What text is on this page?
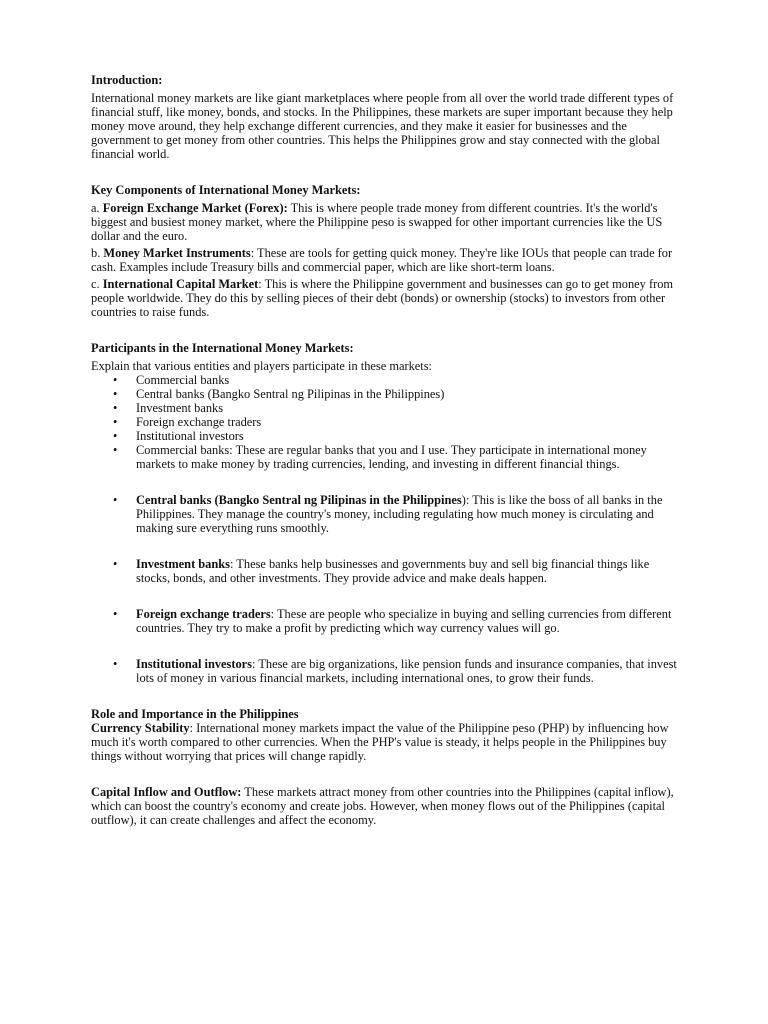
Introduction:

International money markets are like giant marketplaces where people from all over the world trade different types of financial stuff, like money, bonds, and stocks. In the Philippines, these markets are super important because they help money move around, they help exchange different currencies, and they make it easier for businesses and the government to get money from other countries. This helps the Philippines grow and stay connected with the global financial world.

Key Components of International Money Markets:

a. Foreign Exchange Market (Forex): This is where people trade money from different countries. It's the world's biggest and busiest money market, where the Philippine peso is swapped for other important currencies like the US dollar and the euro.

b. Money Market Instruments: These are tools for getting quick money. They're like IOUs that people can trade for cash. Examples include Treasury bills and commercial paper, which are like short-term loans.

c. International Capital Market: This is where the Philippine government and businesses can go to get money from people worldwide. They do this by selling pieces of their debt (bonds) or ownership (stocks) to investors from other countries to raise funds.

Participants in the International Money Markets:

Explain that various entities and players participate in these markets:

• Commercial banks
• Central banks (Bangko Sentral ng Pilipinas in the Philippines)
• Investment banks
• Foreign exchange traders
• Institutional investors
• Commercial banks: These are regular banks that you and I use. They participate in international money markets to make money by trading currencies, lending, and investing in different financial things.
• Central banks (Bangko Sentral ng Pilipinas in the Philippines): This is like the boss of all banks in the Philippines. They manage the country's money, including regulating how much money is circulating and making sure everything runs smoothly.
• Investment banks: These banks help businesses and governments buy and sell big financial things like stocks, bonds, and other investments. They provide advice and make deals happen.
• Foreign exchange traders: These are people who specialize in buying and selling currencies from different countries. They try to make a profit by predicting which way currency values will go.
• Institutional investors: These are big organizations, like pension funds and insurance companies, that invest lots of money in various financial markets, including international ones, to grow their funds.

Role and Importance in the Philippines

Currency Stability: International money markets impact the value of the Philippine peso (PHP) by influencing how much it's worth compared to other currencies. When the PHP's value is steady, it helps people in the Philippines buy things without worrying that prices will change rapidly.

Capital Inflow and Outflow: These markets attract money from other countries into the Philippines (capital inflow), which can boost the country's economy and create jobs. However, when money flows out of the Philippines (capital outflow), it can create challenges and affect the economy.
